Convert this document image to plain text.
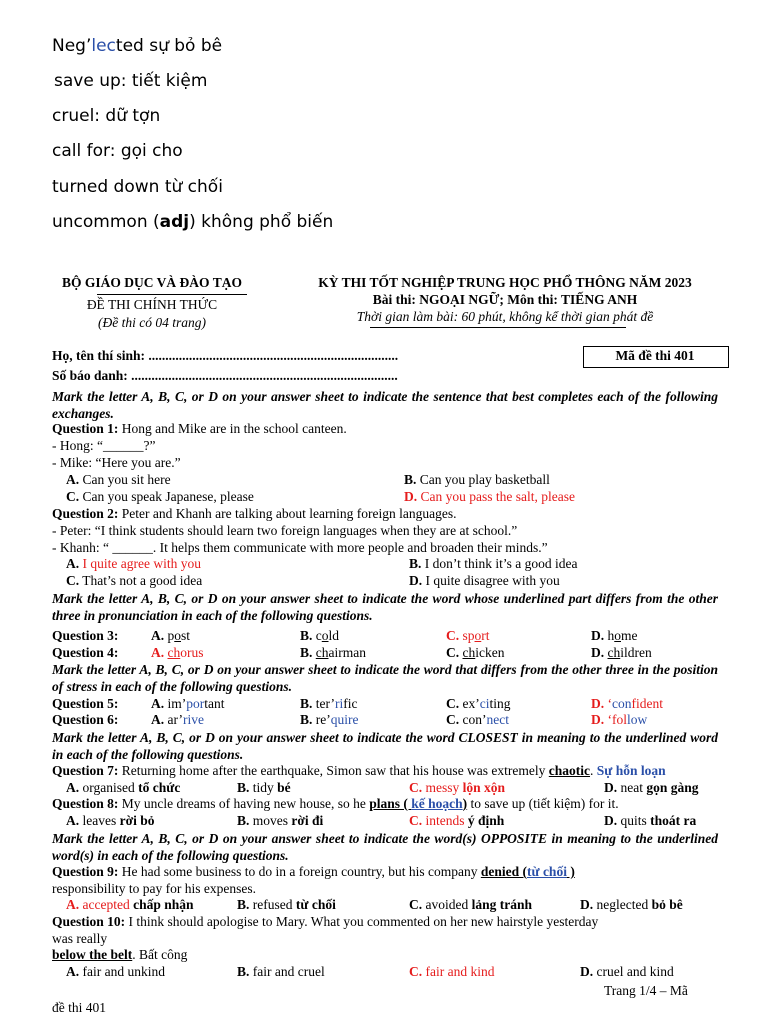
Neg’lected sự bỏ bê
save up: tiết kiệm
cruel: dữ tợn
call for: gọi cho
turned down từ chối
uncommon (adj) không phổ biến
BỘ GIÁO DỤC VÀ ĐÀO TẠO
ĐỀ THI CHÍNH THỨC
(Đề thi có 04 trang)
KỲ THI TỐT NGHIỆP TRUNG HỌC PHỔ THÔNG NĂM 2023
Bài thi: NGOẠI NGỮ; Môn thi: TIẾNG ANH
Thời gian làm bài: 60 phút, không kể thời gian phát đề
Họ, tên thí sinh: ..........................................................................
Số báo danh: ...............................................................................
Mã đề thi 401
Mark the letter A, B, C, or D on your answer sheet to indicate the sentence that best completes each of the following exchanges.
Question 1: Hong and Mike are in the school canteen.
- Hong: “______?”
- Mike: “Here you are.”
A. Can you sit here	B. Can you play basketball
C. Can you speak Japanese, please	D. Can you pass the salt, please
Question 2: Peter and Khanh are talking about learning foreign languages.
- Peter: “I think students should learn two foreign languages when they are at school.”
- Khanh: “ ______. It helps them communicate with more people and broaden their minds.”
A. I quite agree with you	B. I don’t think it’s a good idea
C. That’s not a good idea	D. I quite disagree with you
Mark the letter A, B, C, or D on your answer sheet to indicate the word whose underlined part differs from the other three in pronunciation in each of the following questions.
Question 3: A. post	B. cold	C. sport	D. home
Question 4: A. chorus	B. chairman	C. chicken	D. children
Mark the letter A, B, C, or D on your answer sheet to indicate the word that differs from the other three in the position of stress in each of the following questions.
Question 5: A. im’portant	B. ter’rific	C. ex’citing	D. ‘confident
Question 6: A. ar’rive	B. re’quire	C. con’nect	D. ‘follow
Mark the letter A, B, C, or D on your answer sheet to indicate the word CLOSEST in meaning to the underlined word in each of the following questions.
Question 7: Returning home after the earthquake, Simon saw that his house was extremely chaotic. Sự hỗn loạn
A. organised tổ chức	B. tidy bé	C. messy lộn xộn	D. neat gọn gàng
Question 8: My uncle dreams of having new house, so he plans ( kế hoạch) to save up (tiết kiệm) for it.
A. leaves rời bỏ	B. moves rời đi	C. intends ý định	D. quits thoát ra
Mark the letter A, B, C, or D on your answer sheet to indicate the word(s) OPPOSITE in meaning to the underlined word(s) in each of the following questions.
Question 9: He had some business to do in a foreign country, but his company denied (từ chối )
responsibility to pay for his expenses.
A. accepted chấp nhận	B. refused từ chối	C. avoided lảng tránh	D. neglected bỏ bê
Question 10: I think should apologise to Mary. What you commented on her new hairstyle yesterday
was really
below the belt. Bất công
A. fair and unkind	B. fair and cruel	C. fair and kind	D. cruel and kind
Trang 1/4 – Mã
đề thi 401
